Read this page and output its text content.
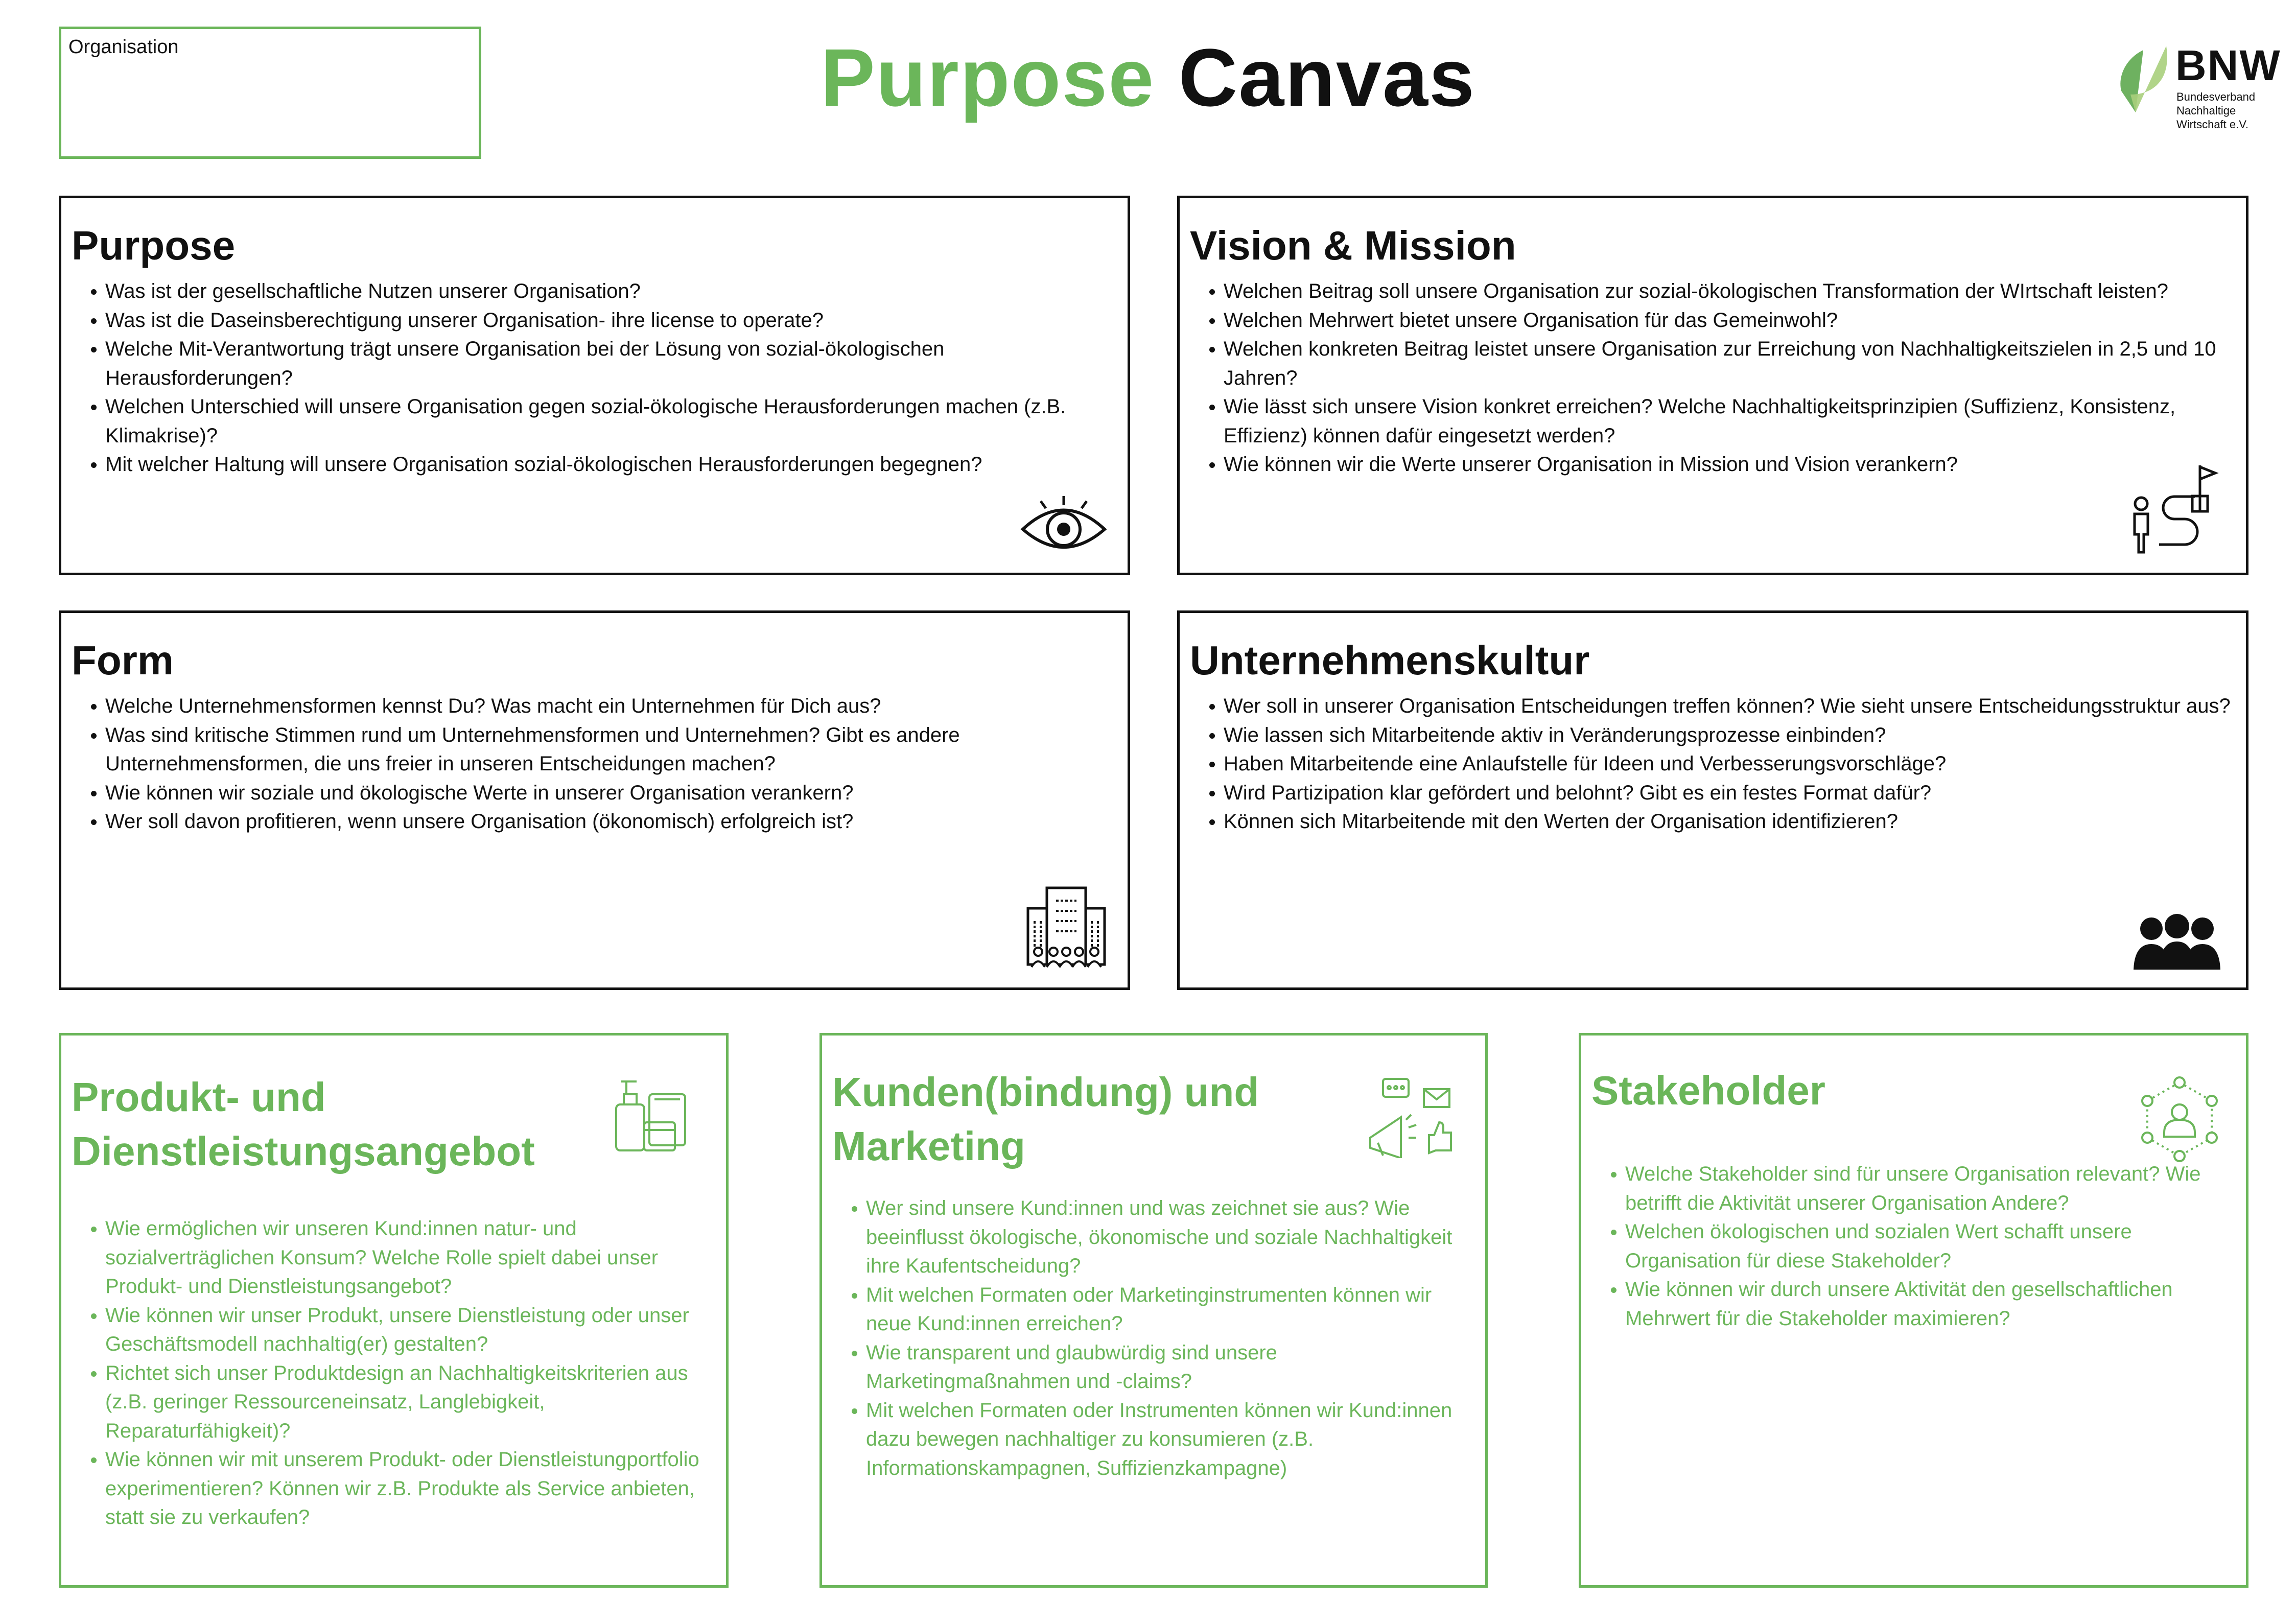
Organisation	Purpose Canvas	BNW
Bundesverband
Nachhaltige
Wirtschaft e.V.
Purpose
Was ist der gesellschaftliche Nutzen unserer Organisation?
Was ist die Daseinsberechtigung unserer Organisation- ihre license to operate?
Welche Mit-Verantwortung trägt unsere Organisation bei der Lösung von sozial-ökologischen Herausforderungen?
Welchen Unterschied will unsere Organisation gegen sozial-ökologische Herausforderungen machen (z.B. Klimakrise)?
Mit welcher Haltung will unsere Organisation sozial-ökologischen Herausforderungen begegnen?
Vision & Mission
Welchen Beitrag soll unsere Organisation zur sozial-ökologischen Transformation der WIrtschaft leisten?
Welchen Mehrwert bietet unsere Organisation für das Gemeinwohl?
Welchen konkreten Beitrag leistet unsere Organisation zur Erreichung von Nachhaltigkeitszielen in 2,5 und 10 Jahren?
Wie lässt sich unsere Vision konkret erreichen? Welche Nachhaltigkeitsprinzipien (Suffizienz, Konsistenz, Effizienz) können dafür eingesetzt werden?
Wie können wir die Werte unserer Organisation in Mission und Vision verankern?
Form
Welche Unternehmensformen kennst Du? Was macht ein Unternehmen für Dich aus?
Was sind kritische Stimmen rund um Unternehmensformen und Unternehmen? Gibt es andere Unternehmensformen, die uns freier in unseren Entscheidungen machen?
Wie können wir soziale und ökologische Werte in unserer Organisation verankern?
Wer soll davon profitieren, wenn unsere Organisation (ökonomisch) erfolgreich ist?
Unternehmenskultur
Wer soll in unserer Organisation Entscheidungen treffen können? Wie sieht unsere Entscheidungsstruktur aus?
Wie lassen sich Mitarbeitende aktiv in Veränderungsprozesse einbinden?
Haben Mitarbeitende eine Anlaufstelle für Ideen und Verbesserungsvorschläge?
Wird Partizipation klar gefördert und belohnt? Gibt es ein festes Format dafür?
Können sich Mitarbeitende mit den Werten der Organisation identifizieren?
Produkt- und Dienstleistungsangebot
Wie ermöglichen wir unseren Kund:innen natur- und sozialverträglichen Konsum? Welche Rolle spielt dabei unser Produkt- und Dienstleistungsangebot?
Wie können wir unser Produkt, unsere Dienstleistung oder unser Geschäftsmodell nachhaltig(er) gestalten?
Richtet sich unser Produktdesign an Nachhaltigkeitskriterien aus (z.B. geringer Ressourceneinsatz, Langlebigkeit, Reparaturfähigkeit)?
Wie können wir mit unserem Produkt- oder Dienstleistungportfolio experimentieren? Können wir z.B. Produkte als Service anbieten, statt sie zu verkaufen?
Kunden(bindung) und Marketing
Wer sind unsere Kund:innen und was zeichnet sie aus? Wie beeinflusst ökologische, ökonomische und soziale Nachhaltigkeit ihre Kaufentscheidung?
Mit welchen Formaten oder Marketinginstrumenten können wir neue Kund:innen erreichen?
Wie transparent und glaubwürdig sind unsere Marketingmaßnahmen und -claims?
Mit welchen Formaten oder Instrumenten können wir Kund:innen dazu bewegen nachhaltiger zu konsumieren (z.B. Informationskampagnen, Suffizienzkampagne)
Stakeholder
Welche Stakeholder sind für unsere Organisation relevant? Wie betrifft die Aktivität unserer Organisation Andere?
Welchen ökologischen und sozialen Wert schafft unsere Organisation für diese Stakeholder?
Wie können wir durch unsere Aktivität den gesellschaftlichen Mehrwert für die Stakeholder maximieren?
